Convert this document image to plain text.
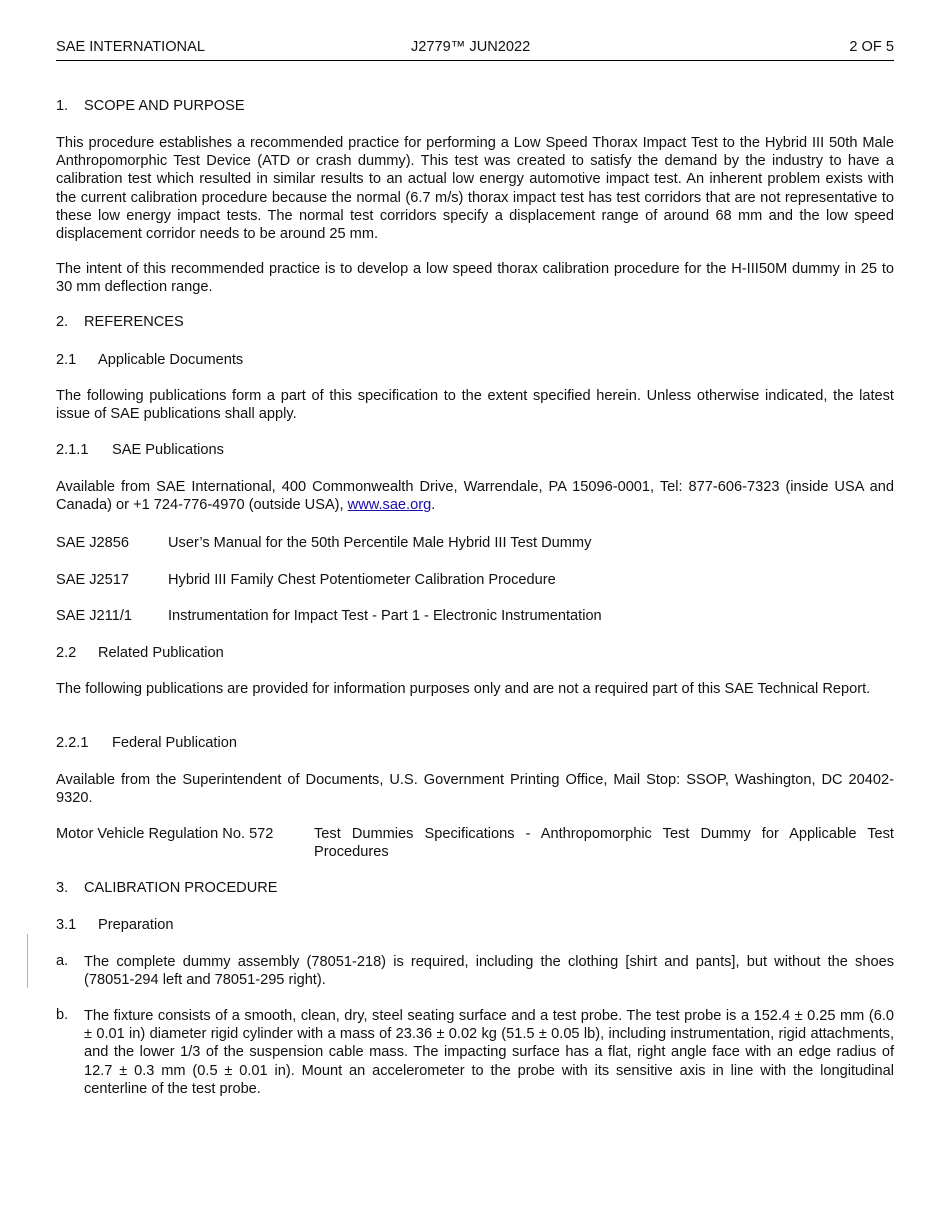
SAE INTERNATIONAL	J2779™ JUN2022	2 OF 5
1. SCOPE AND PURPOSE
This procedure establishes a recommended practice for performing a Low Speed Thorax Impact Test to the Hybrid III 50th Male Anthropomorphic Test Device (ATD or crash dummy). This test was created to satisfy the demand by the industry to have a calibration test which resulted in similar results to an actual low energy automotive impact test. An inherent problem exists with the current calibration procedure because the normal (6.7 m/s) thorax impact test has test corridors that are not representative to these low energy impact tests. The normal test corridors specify a displacement range of around 68 mm and the low speed displacement corridor needs to be around 25 mm.
The intent of this recommended practice is to develop a low speed thorax calibration procedure for the H-III50M dummy in 25 to 30 mm deflection range.
2. REFERENCES
2.1 Applicable Documents
The following publications form a part of this specification to the extent specified herein. Unless otherwise indicated, the latest issue of SAE publications shall apply.
2.1.1 SAE Publications
Available from SAE International, 400 Commonwealth Drive, Warrendale, PA 15096-0001, Tel: 877-606-7323 (inside USA and Canada) or +1 724-776-4970 (outside USA), www.sae.org.
SAE J2856	User’s Manual for the 50th Percentile Male Hybrid III Test Dummy
SAE J2517	Hybrid III Family Chest Potentiometer Calibration Procedure
SAE J211/1 Instrumentation for Impact Test - Part 1 - Electronic Instrumentation
2.2 Related Publication
The following publications are provided for information purposes only and are not a required part of this SAE Technical Report.
2.2.1 Federal Publication
Available from the Superintendent of Documents, U.S. Government Printing Office, Mail Stop: SSOP, Washington, DC 20402-9320.
Motor Vehicle Regulation No. 572	Test Dummies Specifications - Anthropomorphic Test Dummy for Applicable Test Procedures
3. CALIBRATION PROCEDURE
3.1 Preparation
a. The complete dummy assembly (78051-218) is required, including the clothing [shirt and pants], but without the shoes (78051-294 left and 78051-295 right).
b. The fixture consists of a smooth, clean, dry, steel seating surface and a test probe. The test probe is a 152.4 ± 0.25 mm (6.0 ± 0.01 in) diameter rigid cylinder with a mass of 23.36 ± 0.02 kg (51.5 ± 0.05 lb), including instrumentation, rigid attachments, and the lower 1/3 of the suspension cable mass. The impacting surface has a flat, right angle face with an edge radius of 12.7 ± 0.3 mm (0.5 ± 0.01 in). Mount an accelerometer to the probe with its sensitive axis in line with the longitudinal centerline of the test probe.
